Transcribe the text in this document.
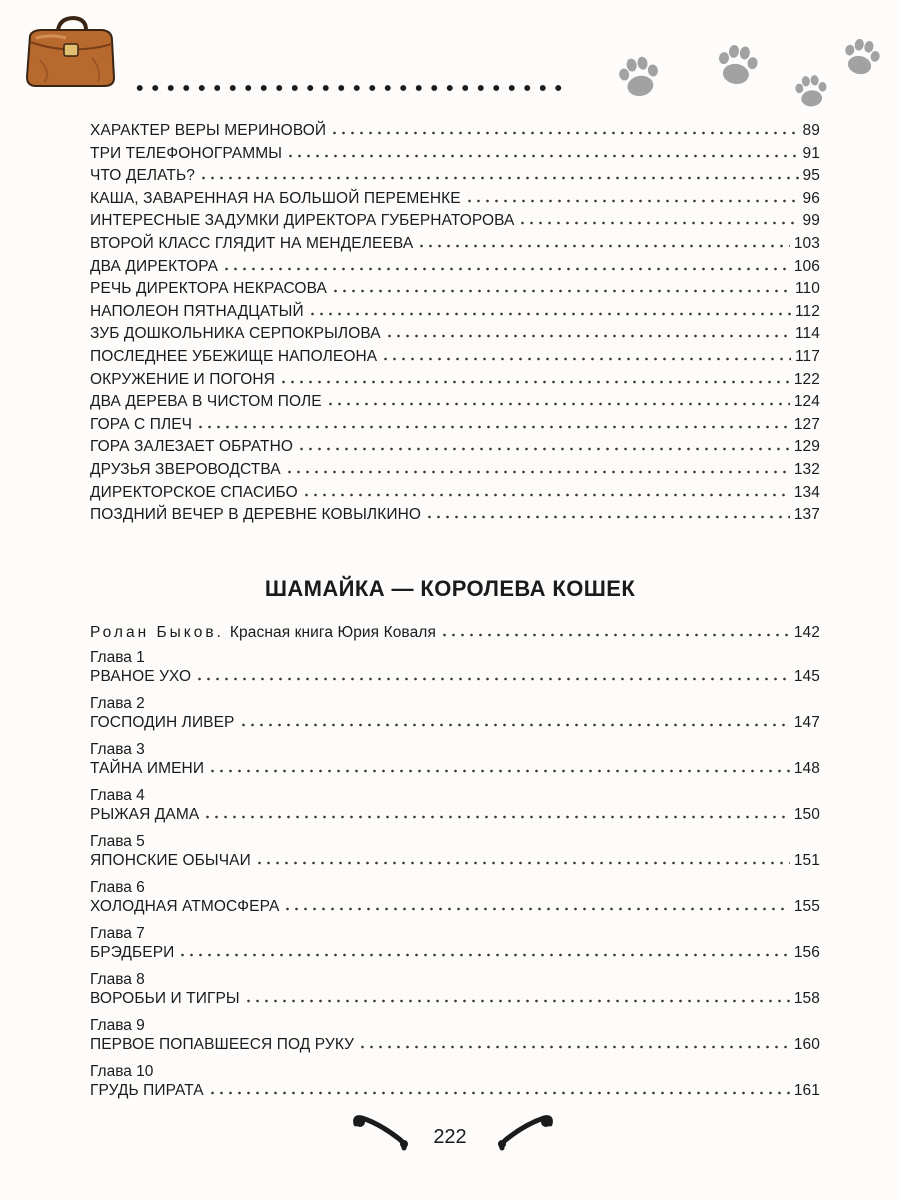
ХАРАКТЕР ВЕРЫ МЕРИНОВОЙ	89
ТРИ ТЕЛЕФОНОГРАММЫ	91
ЧТО ДЕЛАТЬ?	95
КАША, ЗАВАРЕННАЯ НА БОЛЬШОЙ ПЕРЕМЕНКЕ	96
ИНТЕРЕСНЫЕ ЗАДУМКИ ДИРЕКТОРА ГУБЕРНАТОРОВА	99
ВТОРОЙ КЛАСС ГЛЯДИТ НА МЕНДЕЛЕЕВА	103
ДВА ДИРЕКТОРА	106
РЕЧЬ ДИРЕКТОРА НЕКРАСОВА	110
НАПОЛЕОН ПЯТНАДЦАТЫЙ	112
ЗУБ ДОШКОЛЬНИКА СЕРПОКРЫЛОВА	114
ПОСЛЕДНЕЕ УБЕЖИЩЕ НАПОЛЕОНА	117
ОКРУЖЕНИЕ И ПОГОНЯ	122
ДВА ДЕРЕВА В ЧИСТОМ ПОЛЕ	124
ГОРА С ПЛЕЧ	127
ГОРА ЗАЛЕЗАЕТ ОБРАТНО	129
ДРУЗЬЯ ЗВЕРОВОДСТВА	132
ДИРЕКТОРСКОЕ СПАСИБО	134
ПОЗДНИЙ ВЕЧЕР В ДЕРЕВНЕ КОВЫЛКИНО	137
ШАМАЙКА — КОРОЛЕВА КОШЕК
Ролан Быков. Красная книга Юрия Коваля	142
Глава 1
РВАНОЕ УХО	145
Глава 2
ГОСПОДИН ЛИВЕР	147
Глава 3
ТАЙНА ИМЕНИ	148
Глава 4
РЫЖАЯ ДАМА	150
Глава 5
ЯПОНСКИЕ ОБЫЧАИ	151
Глава 6
ХОЛОДНАЯ АТМОСФЕРА	155
Глава 7
БРЭДБЕРИ	156
Глава 8
ВОРОБЬИ И ТИГРЫ	158
Глава 9
ПЕРВОЕ ПОПАВШЕЕСЯ ПОД РУКУ	160
Глава 10
ГРУДЬ ПИРАТА	161
222
